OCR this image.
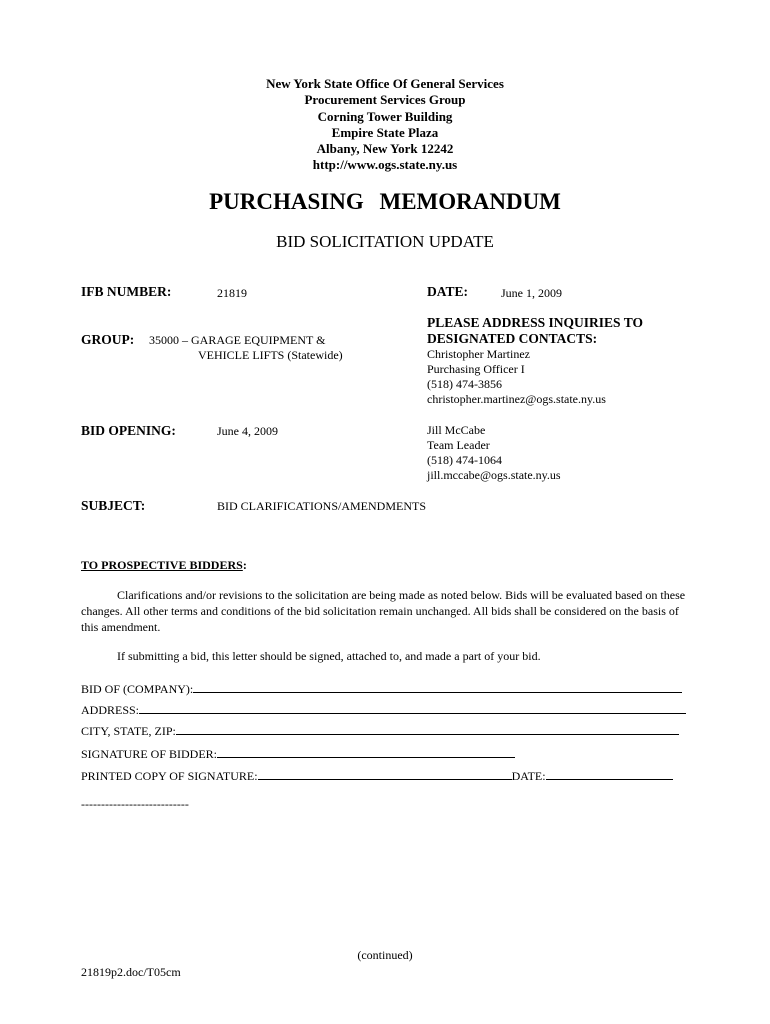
New York State Office Of General Services
Procurement Services Group
Corning Tower Building
Empire State Plaza
Albany, New York 12242
http://www.ogs.state.ny.us
PURCHASING MEMORANDUM
BID SOLICITATION UPDATE
IFB NUMBER:	21819	DATE:	June 1, 2009
GROUP: 35000 – GARAGE EQUIPMENT &
VEHICLE LIFTS (Statewide)
PLEASE ADDRESS INQUIRIES TO
DESIGNATED CONTACTS:
Christopher Martinez
Purchasing Officer I
(518) 474-3856
christopher.martinez@ogs.state.ny.us
BID OPENING:	June 4, 2009	Jill McCabe
Team Leader
(518) 474-1064
jill.mccabe@ogs.state.ny.us
SUBJECT:	BID CLARIFICATIONS/AMENDMENTS
TO PROSPECTIVE BIDDERS:
Clarifications and/or revisions to the solicitation are being made as noted below. Bids will be evaluated based on these changes. All other terms and conditions of the bid solicitation remain unchanged. All bids shall be considered on the basis of this amendment.
If submitting a bid, this letter should be signed, attached to, and made a part of your bid.
BID OF (COMPANY):
ADDRESS:
CITY, STATE, ZIP:
SIGNATURE OF BIDDER:
PRINTED COPY OF SIGNATURE:	DATE:
---------------------------
(continued)
21819p2.doc/T05cm
